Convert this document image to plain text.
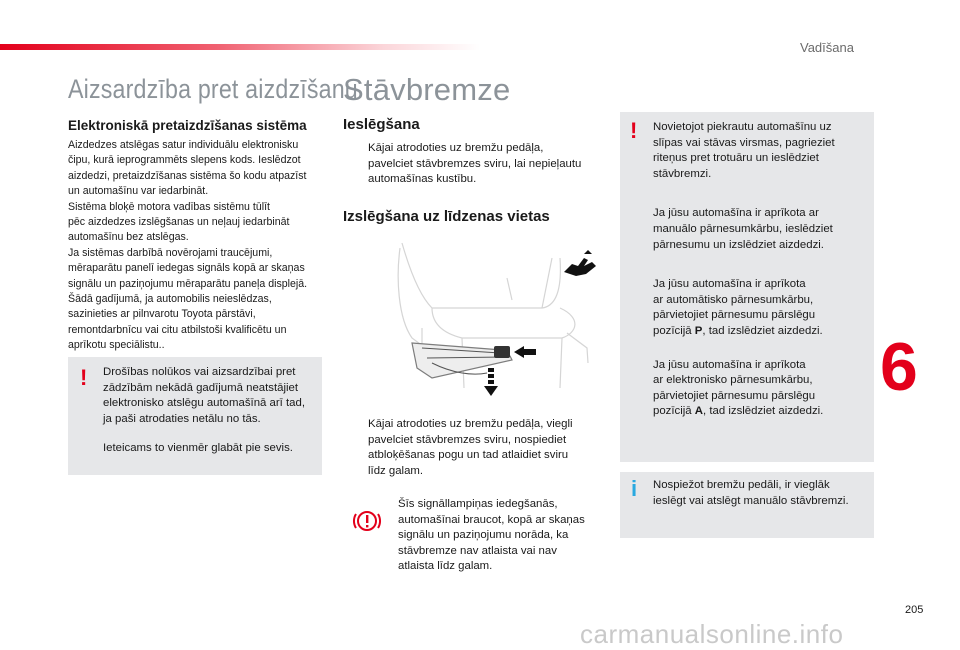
Vadīšana
Aizsardzība pret aizdzīšanu
Elektroniskā pretaizdzīšanas sistēma

Aizdedzes atslēgas satur individuālu elektronisku

čipu, kurā ieprogrammēts slepens kods. Ieslēdzot

aizdedzi, pretaizdzīšanas sistēma šo kodu atpazīst

un automašīnu var iedarbināt.

Sistēma bloķē motora vadības sistēmu tūlīt

pēc aizdedzes izslēgšanas un neļauj iedarbināt

automašīnu bez atslēgas.

Ja sistēmas darbībā novērojami traucējumi,

mēraparātu panelī iedegas signāls kopā ar skaņas

signālu un paziņojumu mēraparātu paneļa displejā.

Šādā gadījumā, ja automobilis neieslēdzas,

sazinieties ar pilnvarotu Toyota pārstāvi,

remontdarbnīcu vai citu atbilstoši kvalificētu un

aprīkotu speciālistu..

! Drošības nolūkos vai aizsardzībai pret

zādzībām nekādā gadījumā neatstājiet

elektronisko atslēgu automašīnā arī tad,

ja paši atrodaties netālu no tās.

Ieteicams to vienmēr glabāt pie sevis.

Stāvbremze
Ieslēgšana

Kājai atrodoties uz bremžu pedāļa,

pavelciet stāvbremzes sviru, lai nepieļautu

automašīnas kustību.

Izslēgšana uz līdzenas vietas

Kājai atrodoties uz bremžu pedāļa, viegli

pavelciet stāvbremzes sviru, nospiediet

atbloķēšanas pogu un tad atlaidiet sviru

līdz galam.

Šīs signāllampiņas iedegšanās,

automašīnai braucot, kopā ar skaņas

signālu un paziņojumu norāda, ka

stāvbremze nav atlaista vai nav

atlaista līdz galam.

! Novietojot piekrautu automašīnu uz

slīpas vai stāvas virsmas, pagrieziet

riteņus pret trotuāru un ieslēdziet

stāvbremzi.

Ja jūsu automašīna ir aprīkota ar

manuālo pārnesumkārbu, ieslēdziet

pārnesumu un izslēdziet aizdedzi.

Ja jūsu automašīna ir aprīkota

ar automātisko pārnesumkārbu,

pārvietojiet pārnesumu pārslēgu

pozīcijā P, tad izslēdziet aizdedzi.

Ja jūsu automašīna ir aprīkota

ar elektronisko pārnesumkārbu,

pārvietojiet pārnesumu pārslēgu

pozīcijā A, tad izslēdziet aizdedzi.

i Nospiežot bremžu pedāli, ir vieglāk

ieslēgt vai atslēgt manuālo stāvbremzi.

6
205
carmanualsonline.info
